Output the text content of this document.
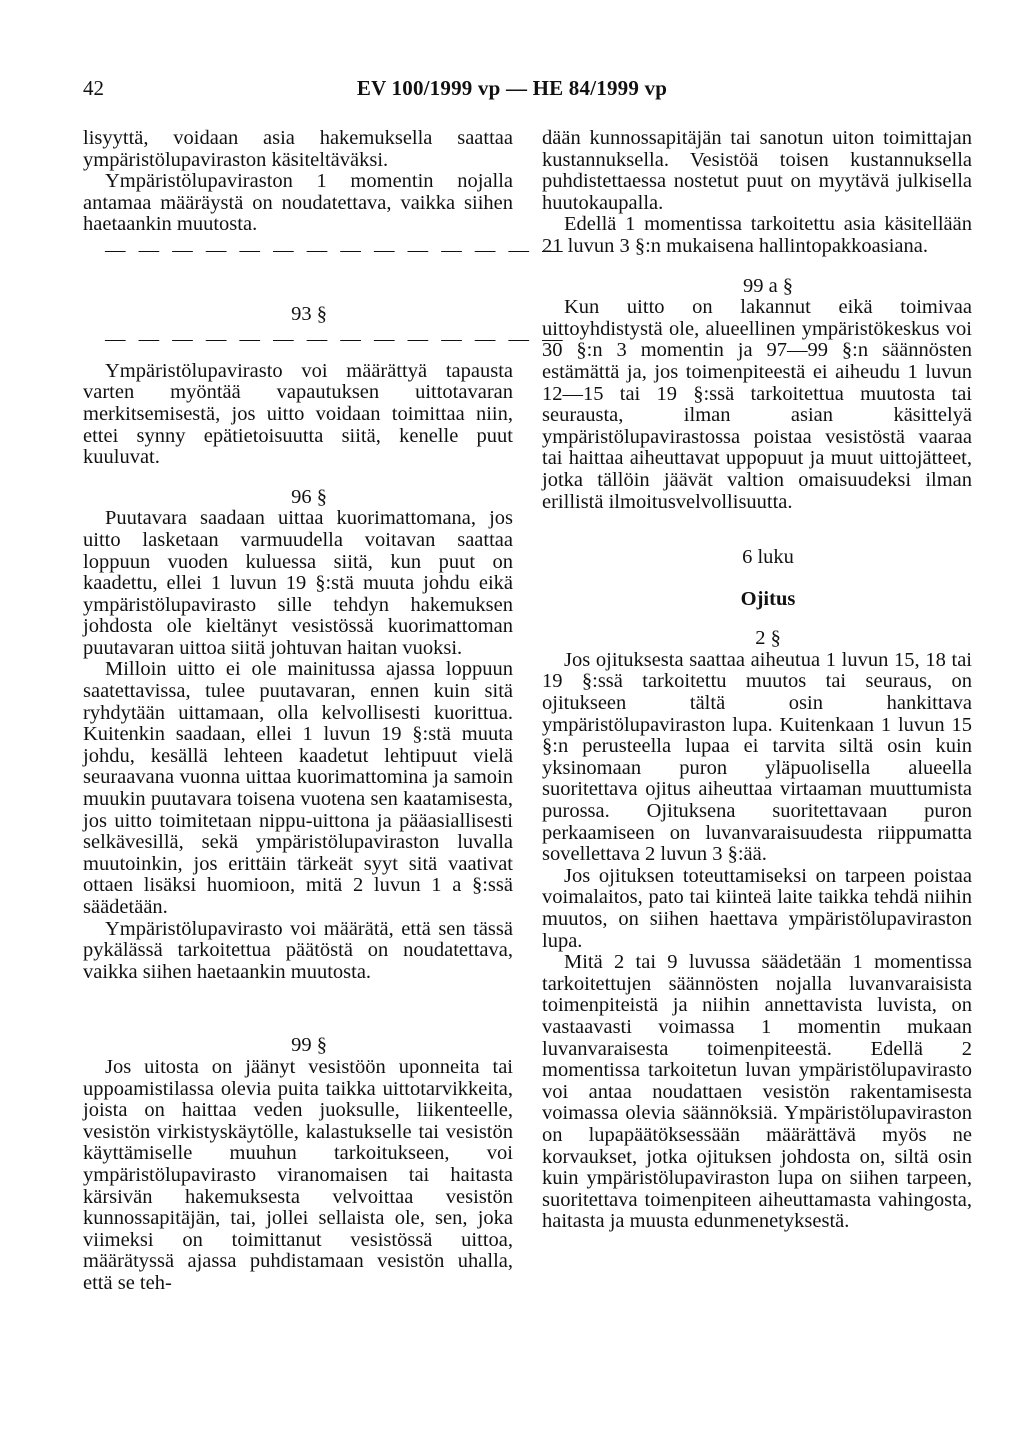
42	EV 100/1999 vp — HE 84/1999 vp

lisyyttä, voidaan asia hakemuksella saattaa ympäristölupaviraston käsiteltäväksi.

Ympäristölupaviraston 1 momentin nojalla antamaa määräystä on noudatettava, vaikka siihen haetaankin muutosta.

— — — — — — — — — — — — — —

93 §

— — — — — — — — — — — — — —

Ympäristölupavirasto voi määrättyä tapausta varten myöntää vapautuksen uittotavaran merkitsemisestä, jos uitto voidaan toimittaa niin, ettei synny epätietoisuutta siitä, kenelle puut kuuluvat.

96 §

Puutavara saadaan uittaa kuorimattomana, jos uitto lasketaan varmuudella voitavan saattaa loppuun vuoden kuluessa siitä, kun puut on kaadettu, ellei 1 luvun 19 §:stä muuta johdu eikä ympäristölupavirasto sille tehdyn hakemuksen johdosta ole kieltänyt vesistössä kuorimattoman puutavaran uittoa siitä johtuvan haitan vuoksi.

Milloin uitto ei ole mainitussa ajassa loppuun saatettavissa, tulee puutavaran, ennen kuin sitä ryhdytään uittamaan, olla kelvollisesti kuorittua. Kuitenkin saadaan, ellei 1 luvun 19 §:stä muuta johdu, kesällä lehteen kaadetut lehtipuut vielä seuraavana vuonna uittaa kuorimattomina ja samoin muukin puutavara toisena vuotena sen kaatamisesta, jos uitto toimitetaan nippu-uittona ja pääasiallisesti selkävesillä, sekä ympäristölupaviraston luvalla muutoinkin, jos erittäin tärkeät syyt sitä vaativat ottaen lisäksi huomioon, mitä 2 luvun 1 a §:ssä säädetään.

Ympäristölupavirasto voi määrätä, että sen tässä pykälässä tarkoitettua päätöstä on noudatettava, vaikka siihen haetaankin muutosta.

99 §

Jos uitosta on jäänyt vesistöön uponneita tai uppoamistilassa olevia puita taikka uittotarvikkeita, joista on haittaa veden juoksulle, liikenteelle, vesistön virkistyskäytölle, kalastukselle tai vesistön käyttämiselle muuhun tarkoitukseen, voi ympäristölupavirasto viranomaisen tai haitasta kärsivän hakemuksesta velvoittaa vesistön kunnossapitäjän, tai, jollei sellaista ole, sen, joka viimeksi on toimittanut vesistössä uittoa, määrätyssä ajassa puhdistamaan vesistön uhalla, että se teh-

dään kunnossapitäjän tai sanotun uiton toimittajan kustannuksella. Vesistöä toisen kustannuksella puhdistettaessa nostetut puut on myytävä julkisella huutokaupalla.

Edellä 1 momentissa tarkoitettu asia käsitellään 21 luvun 3 §:n mukaisena hallintopakkoasiana.

99 a §

Kun uitto on lakannut eikä toimivaa uittoyhdistystä ole, alueellinen ympäristökeskus voi 30 §:n 3 momentin ja 97—99 §:n säännösten estämättä ja, jos toimenpiteestä ei aiheudu 1 luvun 12—15 tai 19 §:ssä tarkoitettua muutosta tai seurausta, ilman asian käsittelyä ympäristölupavirastossa poistaa vesistöstä vaaraa tai haittaa aiheuttavat uppopuut ja muut uittojätteet, jotka tällöin jäävät valtion omaisuudeksi ilman erillistä ilmoitusvelvollisuutta.

6 luku

Ojitus

2 §

Jos ojituksesta saattaa aiheutua 1 luvun 15, 18 tai 19 §:ssä tarkoitettu muutos tai seuraus, on ojitukseen tältä osin hankittava ympäristölupaviraston lupa. Kuitenkaan 1 luvun 15 §:n perusteella lupaa ei tarvita siltä osin kuin yksinomaan puron yläpuolisella alueella suoritettava ojitus aiheuttaa virtaaman muuttumista purossa. Ojituksena suoritettavaan puron perkaamiseen on luvanvaraisuudesta riippumatta sovellettava 2 luvun 3 §:ää.

Jos ojituksen toteuttamiseksi on tarpeen poistaa voimalaitos, pato tai kiinteä laite taikka tehdä niihin muutos, on siihen haettava ympäristölupaviraston lupa.

Mitä 2 tai 9 luvussa säädetään 1 momentissa tarkoitettujen säännösten nojalla luvanvaraisista toimenpiteistä ja niihin annettavista luvista, on vastaavasti voimassa 1 momentin mukaan luvanvaraisesta toimenpiteestä. Edellä 2 momentissa tarkoitetun luvan ympäristölupavirasto voi antaa noudattaen vesistön rakentamisesta voimassa olevia säännöksiä. Ympäristölupaviraston on lupapäätöksessään määrättävä myös ne korvaukset, jotka ojituksen johdosta on, siltä osin kuin ympäristölupaviraston lupa on siihen tarpeen, suoritettava toimenpiteen aiheuttamasta vahingosta, haitasta ja muusta edunmenetyksestä.
